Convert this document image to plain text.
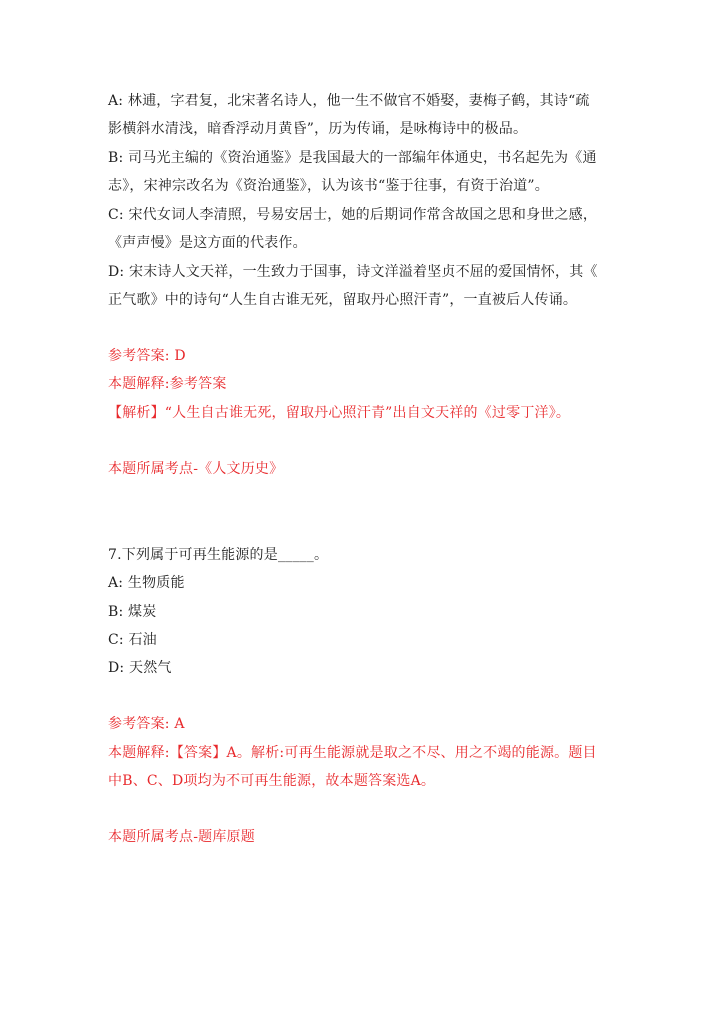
A: 林逋，字君复，北宋著名诗人，他一生不做官不婚娶，妻梅子鹤，其诗“疏
影横斜水清浅，暗香浮动月黄昏”，历为传诵，是咏梅诗中的极品。
B: 司马光主编的《资治通鉴》是我国最大的一部编年体通史，书名起先为《通
志》，宋神宗改名为《资治通鉴》，认为该书“鉴于往事，有资于治道”。
C: 宋代女词人李清照，号易安居士，她的后期词作常含故国之思和身世之感，
《声声慢》是这方面的代表作。
D: 宋末诗人文天祥，一生致力于国事，诗文洋溢着坚贞不屈的爱国情怀，其《
正气歌》中的诗句“人生自古谁无死，留取丹心照汗青”，一直被后人传诵。
参考答案: D
本题解释:参考答案
【解析】“人生自古谁无死，留取丹心照汗青”出自文天祥的《过零丁洋》。
本题所属考点-《人文历史》
7.下列属于可再生能源的是_____。
A: 生物质能
B: 煤炭
C: 石油
D: 天然气
参考答案: A
本题解释:【答案】A。解析:可再生能源就是取之不尽、用之不竭的能源。题目
中B、C、D项均为不可再生能源，故本题答案选A。
本题所属考点-题库原题
